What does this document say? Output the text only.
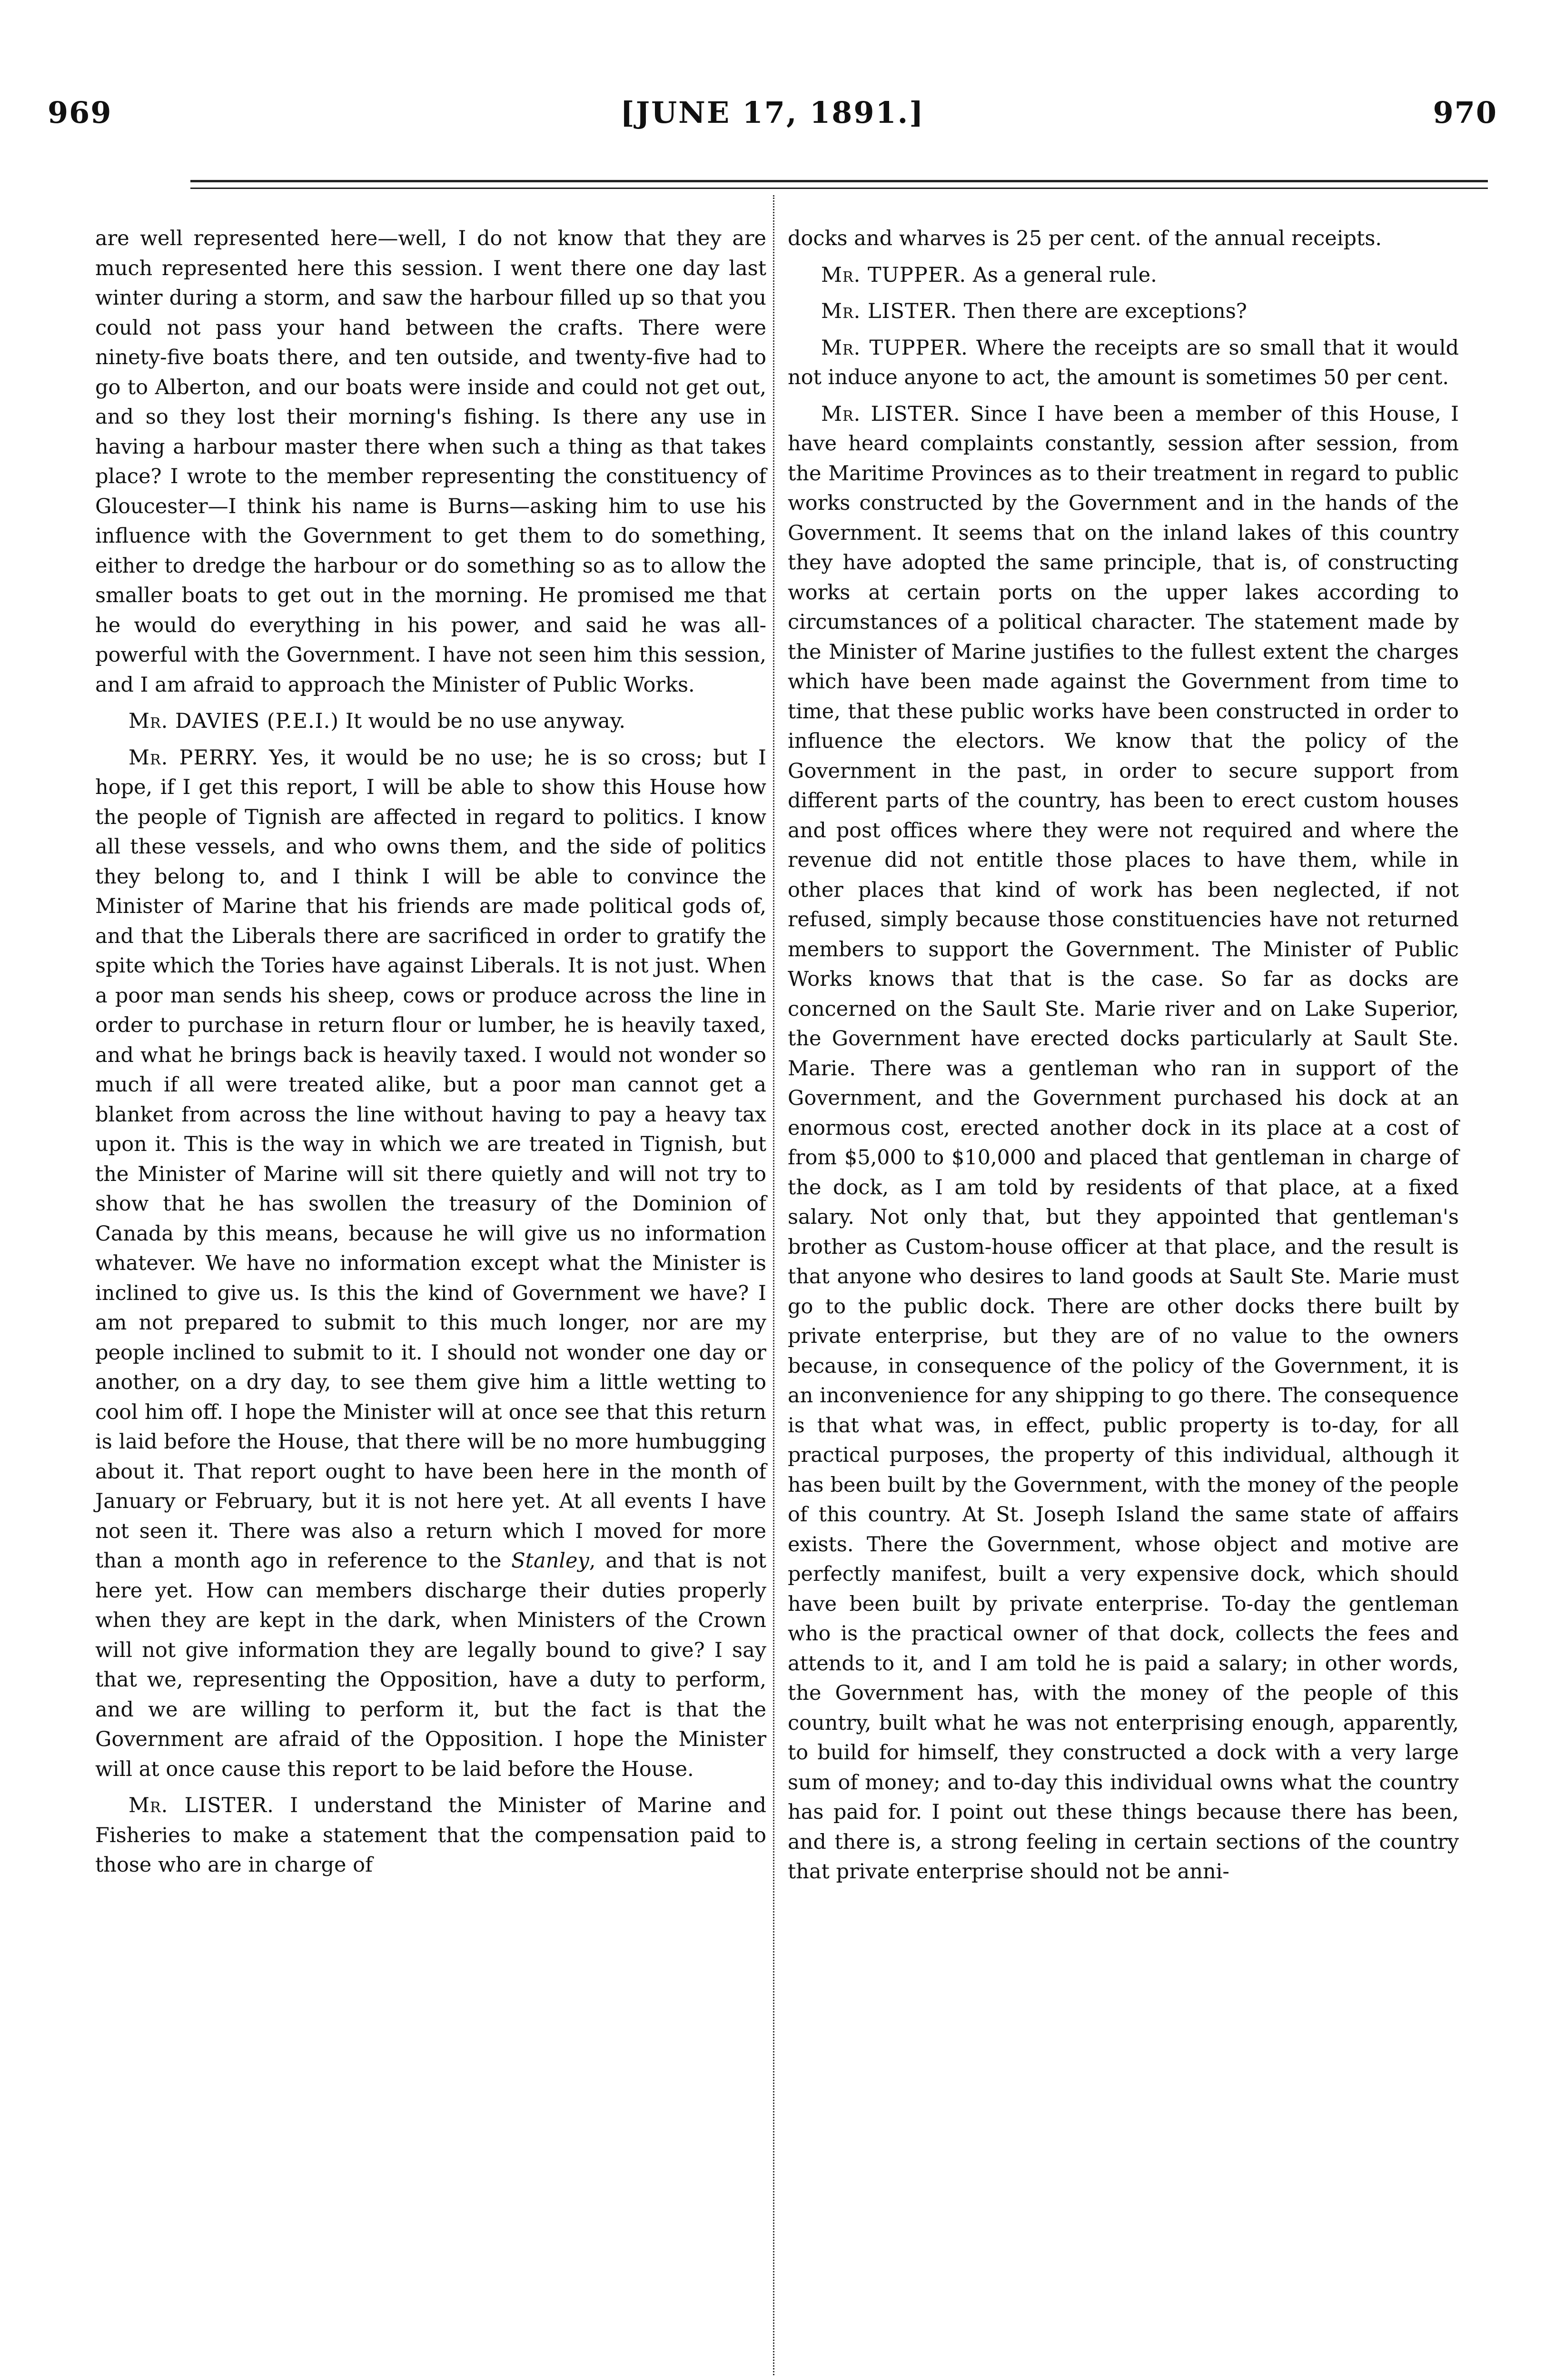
969	[JUNE 17, 1891.]	970

are well represented here—well, I do not know that they are much represented here this session. I went there one day last winter during a storm, and saw the harbour filled up so that you could not pass your hand between the crafts. There were ninety-five boats there, and ten outside, and twenty-five had to go to Alberton, and our boats were inside and could not get out, and so they lost their morning's fishing. Is there any use in having a harbour master there when such a thing as that takes place? I wrote to the member representing the constituency of Gloucester—I think his name is Burns—asking him to use his influence with the Government to get them to do something, either to dredge the harbour or do something so as to allow the smaller boats to get out in the morning. He promised me that he would do everything in his power, and said he was all-powerful with the Government. I have not seen him this session, and I am afraid to approach the Minister of Public Works.

Mr. DAVIES (P.E.I.) It would be no use anyway.

Mr. PERRY. Yes, it would be no use; he is so cross; but I hope, if I get this report, I will be able to show this House how the people of Tignish are affected in regard to politics. I know all these vessels, and who owns them, and the side of politics they belong to, and I think I will be able to convince the Minister of Marine that his friends are made political gods of, and that the Liberals there are sacrificed in order to gratify the spite which the Tories have against Liberals. It is not just. When a poor man sends his sheep, cows or produce across the line in order to purchase in return flour or lumber, he is heavily taxed, and what he brings back is heavily taxed. I would not wonder so much if all were treated alike, but a poor man cannot get a blanket from across the line without having to pay a heavy tax upon it. This is the way in which we are treated in Tignish, but the Minister of Marine will sit there quietly and will not try to show that he has swollen the treasury of the Dominion of Canada by this means, because he will give us no information whatever. We have no information except what the Minister is inclined to give us. Is this the kind of Government we have? I am not prepared to submit to this much longer, nor are my people inclined to submit to it. I should not wonder one day or another, on a dry day, to see them give him a little wetting to cool him off. I hope the Minister will at once see that this return is laid before the House, that there will be no more humbugging about it. That report ought to have been here in the month of January or February, but it is not here yet. At all events I have not seen it. There was also a return which I moved for more than a month ago in reference to the Stanley, and that is not here yet. How can members discharge their duties properly when they are kept in the dark, when Ministers of the Crown will not give information they are legally bound to give? I say that we, representing the Opposition, have a duty to perform, and we are willing to perform it, but the fact is that the Government are afraid of the Opposition. I hope the Minister will at once cause this report to be laid before the House.

Mr. LISTER. I understand the Minister of Marine and Fisheries to make a statement that the compensation paid to those who are in charge of

docks and wharves is 25 per cent. of the annual receipts.

Mr. TUPPER. As a general rule.

Mr. LISTER. Then there are exceptions?

Mr. TUPPER. Where the receipts are so small that it would not induce anyone to act, the amount is sometimes 50 per cent.

Mr. LISTER. Since I have been a member of this House, I have heard complaints constantly, session after session, from the Maritime Provinces as to their treatment in regard to public works constructed by the Government and in the hands of the Government. It seems that on the inland lakes of this country they have adopted the same principle, that is, of constructing works at certain ports on the upper lakes according to circumstances of a political character. The statement made by the Minister of Marine justifies to the fullest extent the charges which have been made against the Government from time to time, that these public works have been constructed in order to influence the electors. We know that the policy of the Government in the past, in order to secure support from different parts of the country, has been to erect custom houses and post offices where they were not required and where the revenue did not entitle those places to have them, while in other places that kind of work has been neglected, if not refused, simply because those constituencies have not returned members to support the Government. The Minister of Public Works knows that that is the case. So far as docks are concerned on the Sault Ste. Marie river and on Lake Superior, the Government have erected docks particularly at Sault Ste. Marie. There was a gentleman who ran in support of the Government, and the Government purchased his dock at an enormous cost, erected another dock in its place at a cost of from $5,000 to $10,000 and placed that gentleman in charge of the dock, as I am told by residents of that place, at a fixed salary. Not only that, but they appointed that gentleman's brother as Custom-house officer at that place, and the result is that anyone who desires to land goods at Sault Ste. Marie must go to the public dock. There are other docks there built by private enterprise, but they are of no value to the owners because, in consequence of the policy of the Government, it is an inconvenience for any shipping to go there. The consequence is that what was, in effect, public property is to-day, for all practical purposes, the property of this individual, although it has been built by the Government, with the money of the people of this country. At St. Joseph Island the same state of affairs exists. There the Government, whose object and motive are perfectly manifest, built a very expensive dock, which should have been built by private enterprise. To-day the gentleman who is the practical owner of that dock, collects the fees and attends to it, and I am told he is paid a salary; in other words, the Government has, with the money of the people of this country, built what he was not enterprising enough, apparently, to build for himself, they constructed a dock with a very large sum of money; and to-day this individual owns what the country has paid for. I point out these things because there has been, and there is, a strong feeling in certain sections of the country that private enterprise should not be anni-
